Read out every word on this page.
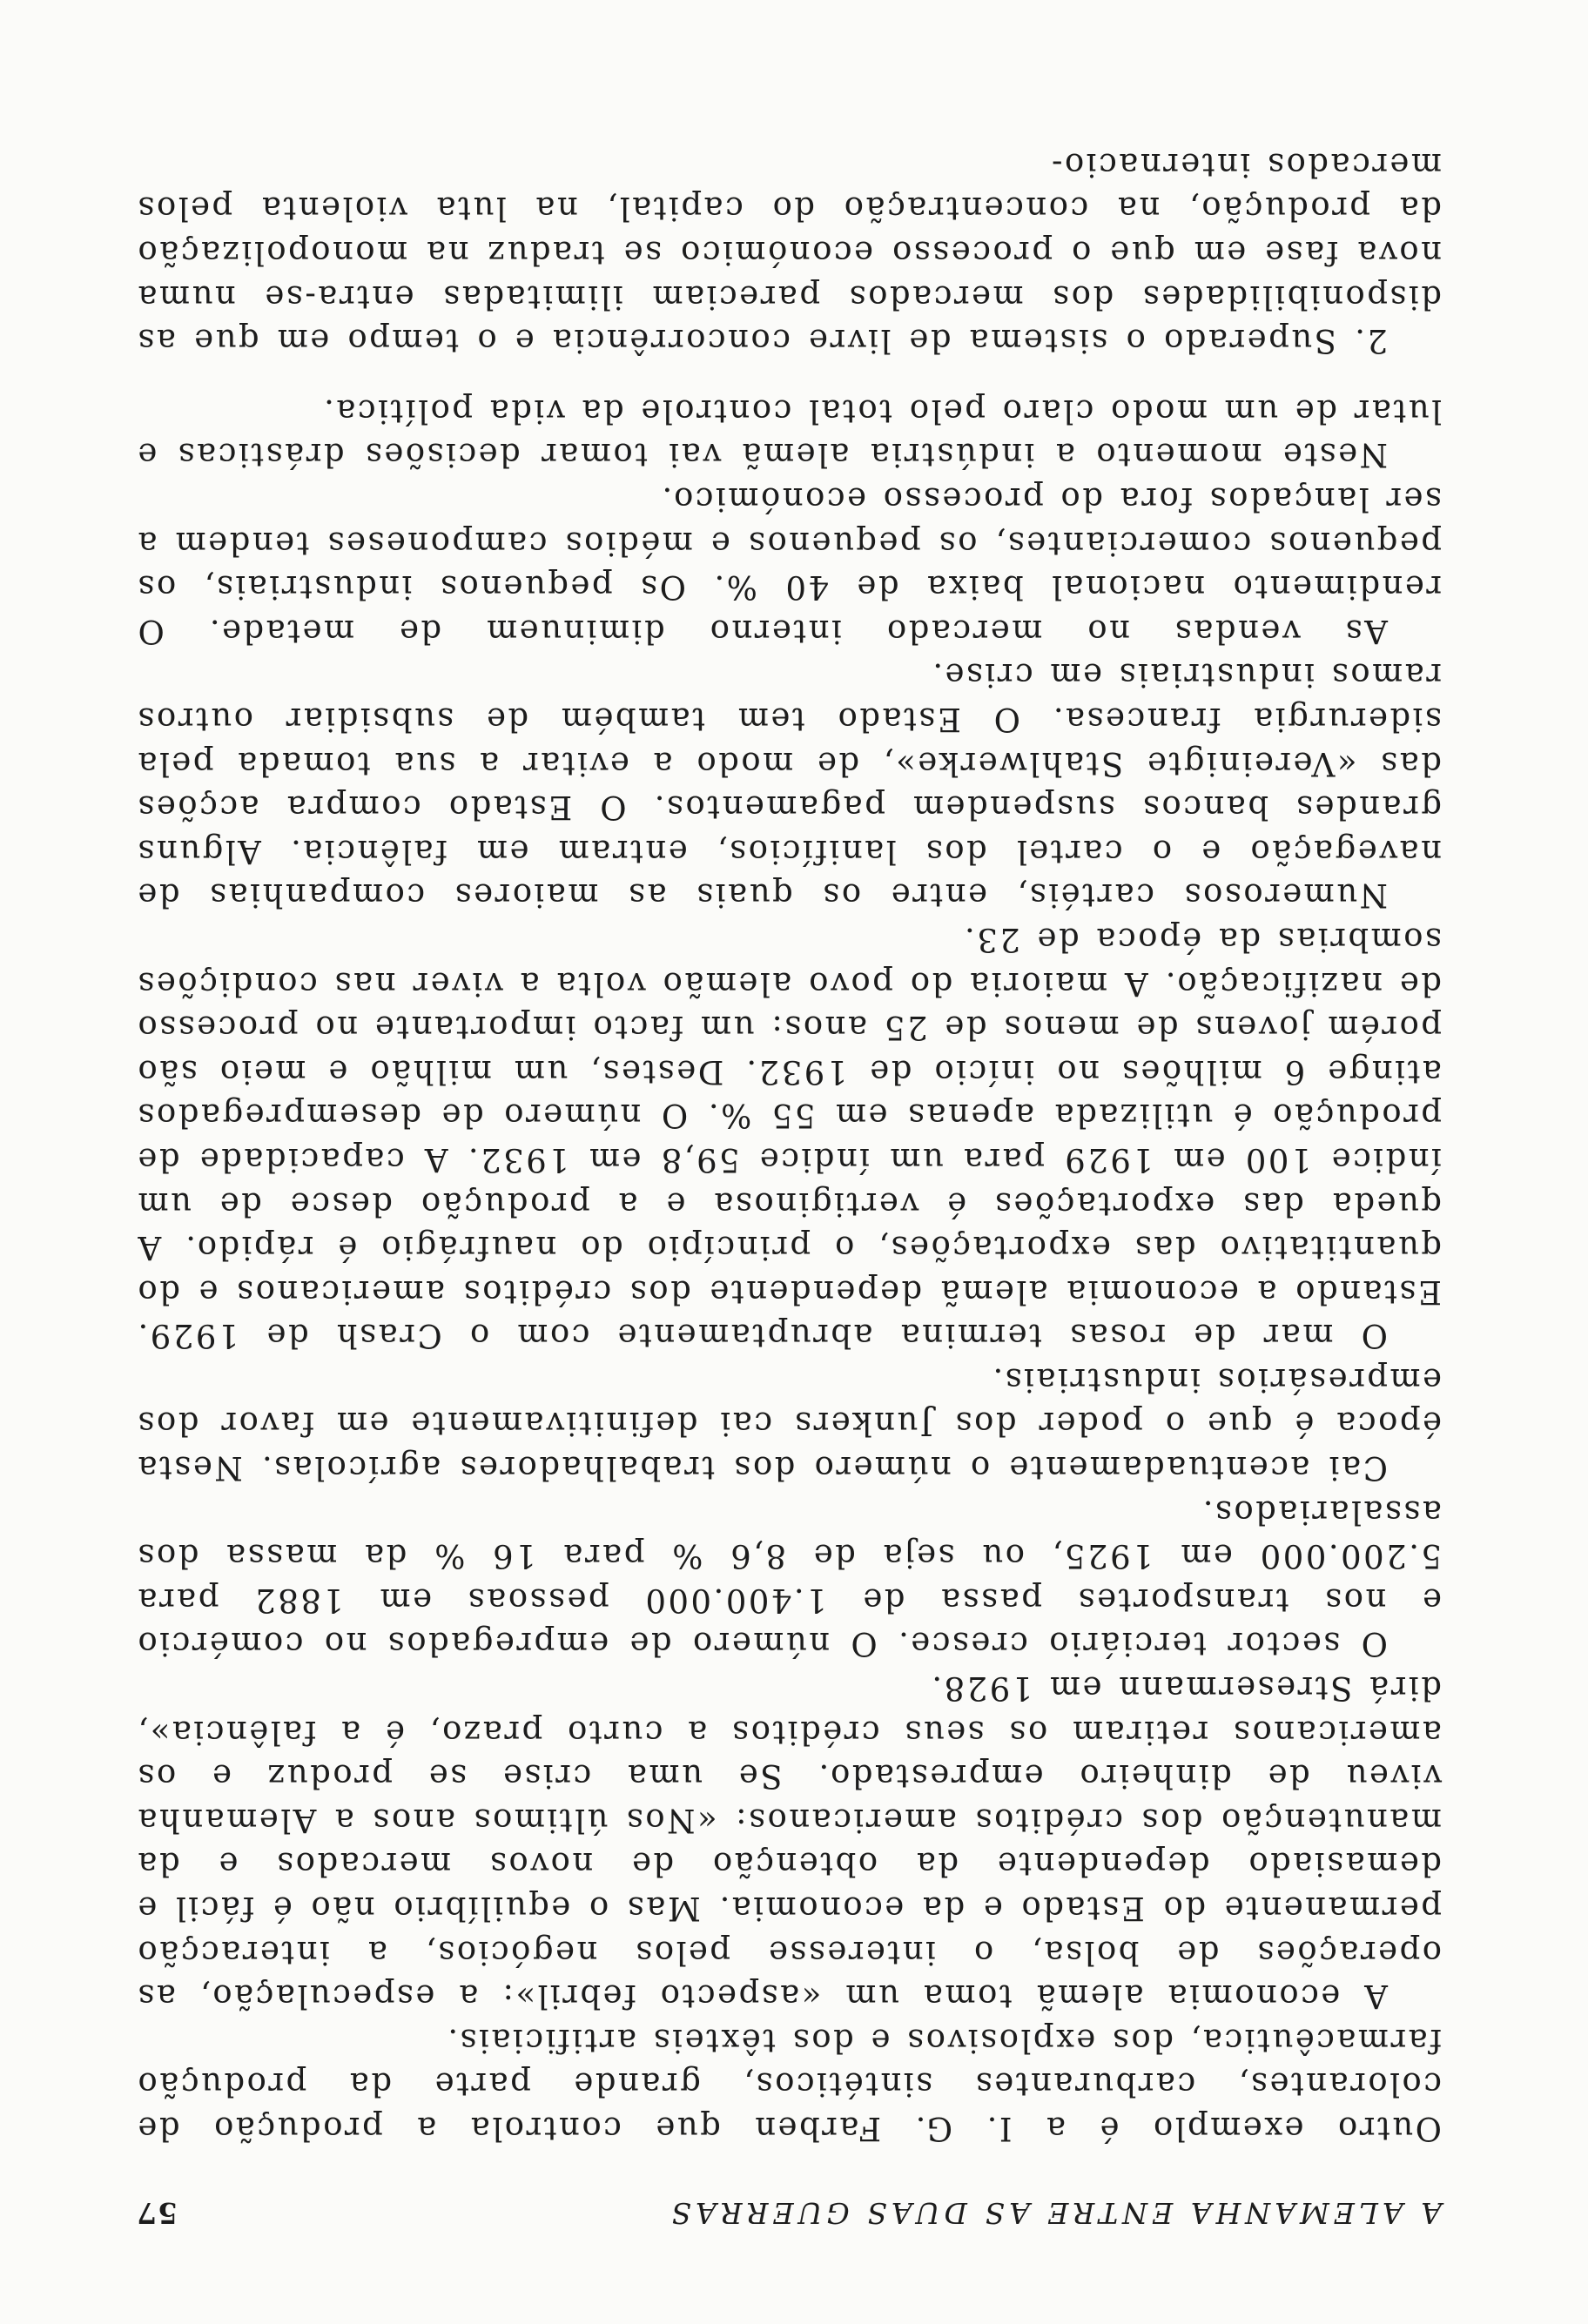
A ALEMANHA ENTRE AS DUAS GUERRAS
57

Outro exemplo é a I. G. Farben que controla a produção de colorantes, carburantes sintéticos, grande parte da produção farmacêutica, dos explosivos e dos têxteis artificiais.

A economia alemã toma um «aspecto febril»: a especulação, as operações de bolsa, o interesse pelos negócios, a interacção permanente do Estado e da economia. Mas o equilíbrio não é fácil e demasiado dependente da obtenção de novos mercados e da manutenção dos créditos americanos: «Nos últimos anos a Alemanha viveu de dinheiro emprestado. Se uma crise se produz e os americanos retiram os seus créditos a curto prazo, é a falência», dirá Stresermann em 1928.

O sector terciário cresce. O número de empregados no comércio e nos transportes passa de 1.400.000 pessoas em 1882 para 5.200.000 em 1925, ou seja de 8,6 % para 16 % da massa dos assalariados.

Cai acentuadamente o número dos trabalhadores agrícolas. Nesta época é que o poder dos Junkers cai definitivamente em favor dos empresários industriais.

O mar de rosas termina abruptamente com o Crash de 1929. Estando a economia alemã dependente dos créditos americanos e do quantitativo das exportações, o princípio do naufrágio é rápido. A queda das exportações é vertiginosa e a produção desce de um índice 100 em 1929 para um índice 59,8 em 1932. A capacidade de produção é utilizada apenas em 55 %. O número de desempregados atinge 6 milhões no início de 1932. Destes, um milhão e meio são porém jovens de menos de 25 anos: um facto importante no processo de nazificação. A maioria do povo alemão volta a viver nas condições sombrias da época de 23.

Numerosos cartéis, entre os quais as maiores companhias de navegação e o cartel dos lanifícios, entram em falência. Alguns grandes bancos suspendem pagamentos. O Estado compra acções das «Vereinigte Stahlwerke», de modo a evitar a sua tomada pela siderurgia francesa. O Estado tem também de subsidiar outros ramos industriais em crise.

As vendas no mercado interno diminuem de metade. O rendimento nacional baixa de 40 %. Os pequenos industriais, os pequenos comerciantes, os pequenos e médios camponeses tendem a ser lançados fora do processo económico.

Neste momento a indústria alemã vai tomar decisões drásticas e lutar de um modo claro pelo total controle da vida política.

2. Superado o sistema de livre concorrência e o tempo em que as disponibilidades dos mercados pareciam ilimitadas entra-se numa nova fase em que o processo económico se traduz na monopolização da produção, na concentração do capital, na luta violenta pelos mercados internacio-
